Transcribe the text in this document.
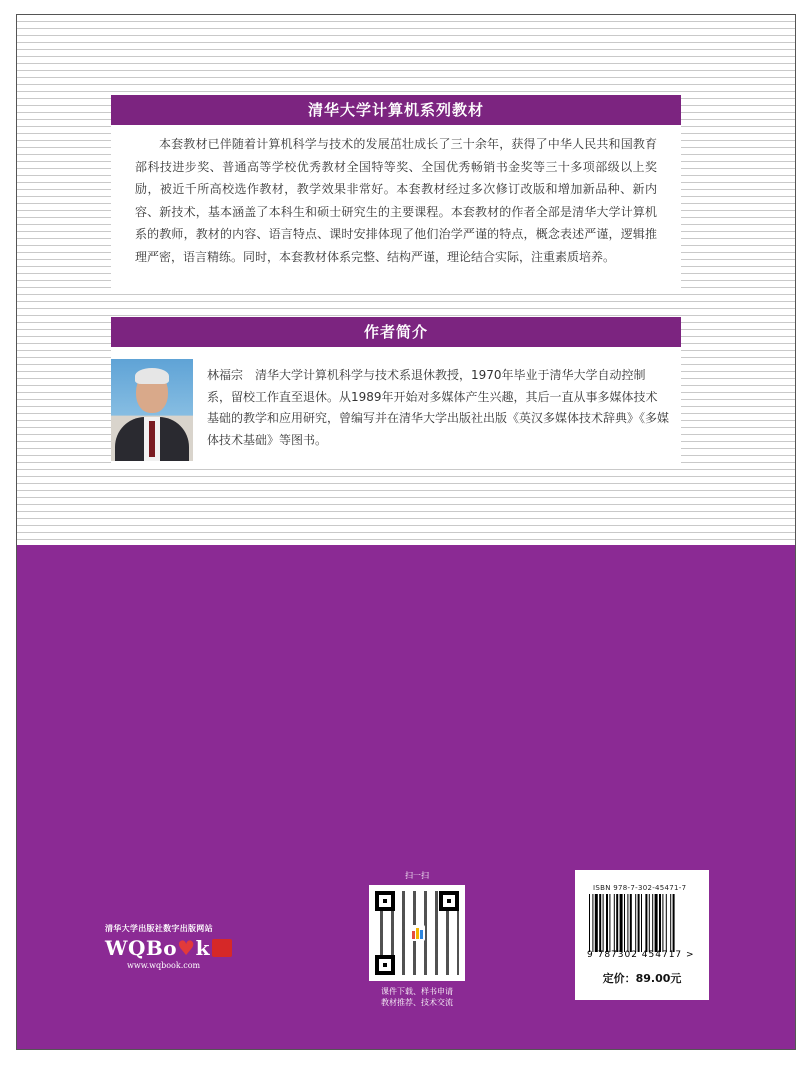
清华大学计算机系列教材
本套教材已伴随着计算机科学与技术的发展茁壮成长了三十余年，获得了中华人民共和国教育部科技进步奖、普通高等学校优秀教材全国特等奖、全国优秀畅销书金奖等三十多项部级以上奖励，被近千所高校选作教材，教学效果非常好。本套教材经过多次修订改版和增加新品种、新内容、新技术，基本涵盖了本科生和硕士研究生的主要课程。本套教材的作者全部是清华大学计算机系的教师，教材的内容、语言特点、课时安排体现了他们治学严谨的特点，概念表述严谨，逻辑推理严密，语言精练。同时，本套教材体系完整、结构严谨，理论结合实际，注重素质培养。
作者简介
林福宗　清华大学计算机科学与技术系退休教授，1970年毕业于清华大学自动控制系，留校工作直至退休。从1989年开始对多媒体产生兴趣，其后一直从事多媒体技术基础的教学和应用研究，曾编写并在清华大学出版社出版《英汉多媒体技术辞典》《多媒体技术基础》等图书。
清华大学出版社数字出版网站
WQ Bo ♥ k
www.wqbook.com
扫一扫
课件下载、样书申请
教材推荐、技术交流
ISBN 978-7-302-45471-7
9 787302 454717 >
定价：89.00元
